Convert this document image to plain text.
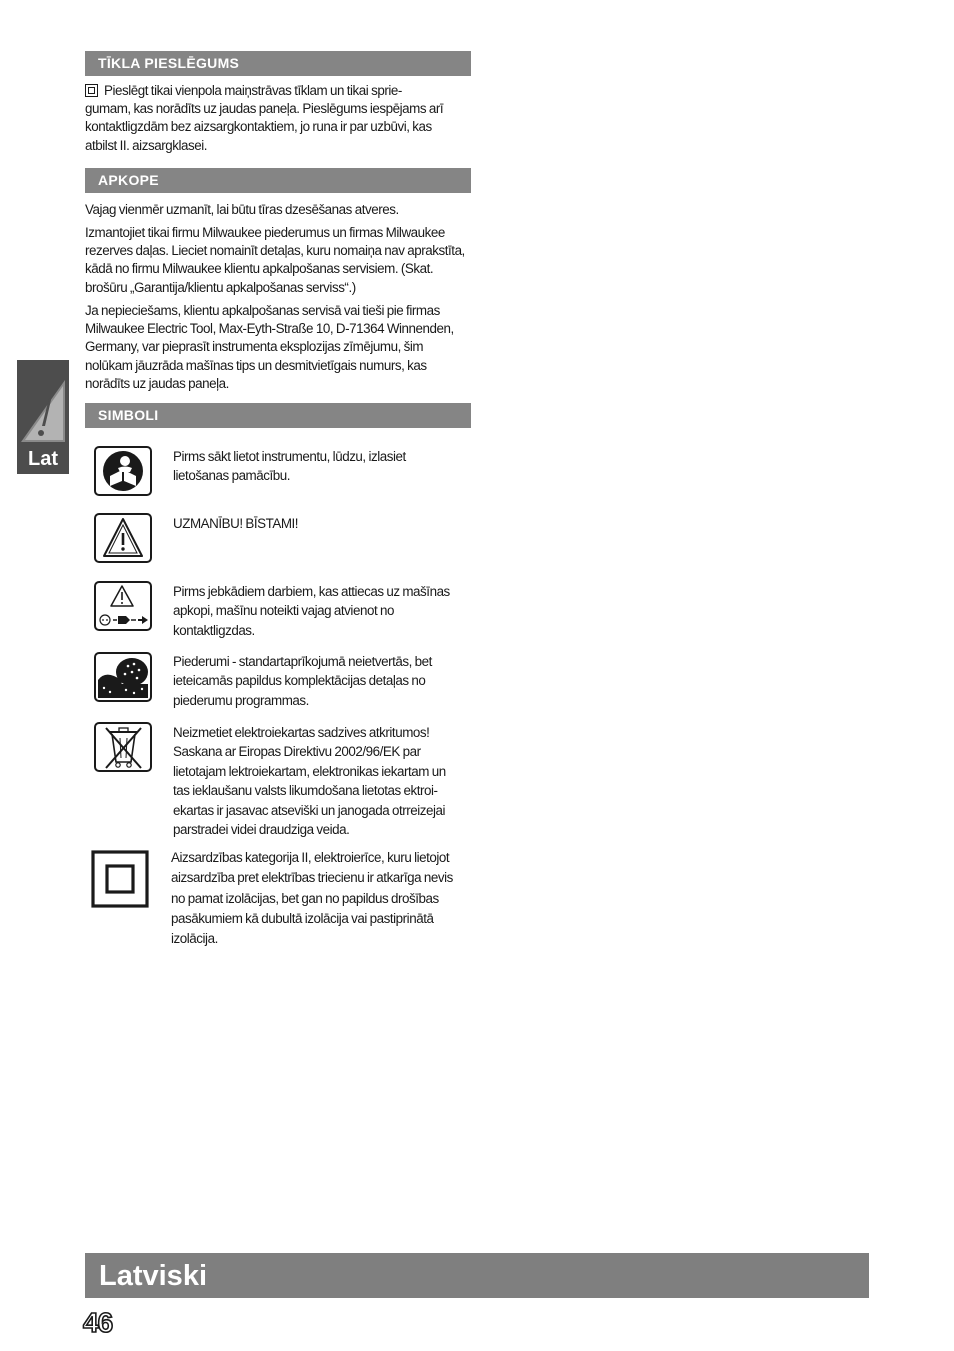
Lat
TĪKLA PIESLĒGUMS
Pieslēgt tikai vienpola maiņstrāvas tīklam un tikai sprie-
gumam, kas norādīts uz jaudas paneļa. Pieslēgums iespējams arī
kontaktligzdām bez aizsargkontaktiem, jo runa ir par uzbūvi, kas
atbilst II. aizsargklasei.
APKOPE
Vajag vienmēr uzmanīt, lai būtu tīras dzesēšanas atveres.
Izmantojiet tikai firmu Milwaukee piederumus un firmas Milwaukee
rezerves daļas. Lieciet nomainīt detaļas, kuru nomaiņa nav aprakstīta,
kādā no firmu Milwaukee klientu apkalpošanas servisiem. (Skat.
brošūru „Garantija/klientu apkalpošanas serviss“.)
Ja nepieciešams, klientu apkalpošanas servisā vai tieši pie firmas
Milwaukee Electric Tool, Max-Eyth-Straße 10, D-71364 Winnenden,
Germany, var pieprasīt instrumenta eksplozijas zīmējumu, šim
nolūkam jāuzrāda mašīnas tips un desmitvietīgais numurs, kas
norādīts uz jaudas paneļa.
SIMBOLI
Pirms sākt lietot instrumentu, lūdzu, izlasiet
lietošanas pamācību.
UZMANĪBU! BĪSTAMI!
Pirms jebkādiem darbiem, kas attiecas uz mašīnas
apkopi, mašīnu noteikti vajag atvienot no
kontaktligzdas.
Piederumi - standartaprīkojumā neietvertās, bet
ieteicamās papildus komplektācijas detaļas no
piederumu programmas.
Neizmetiet elektroiekartas sadzives atkritumos!
Saskana ar Eiropas Direktivu 2002/96/EK par
lietotajam lektroiekartam, elektronikas iekartam un
tas ieklaušanu valsts likumdošana lietotas ektroi-
ekartas ir jasavac atseviški un janogada otrreizejai
parstradei videi draudziga veida.
Aizsardzības kategorija II, elektroierīce, kuru lietojot
aizsardzība pret elektrības triecienu ir atkarīga nevis
no pamat izolācijas, bet gan no papildus drošības
pasākumiem kā dubultā izolācija vai pastiprinātā
izolācija.
Latviski
46
